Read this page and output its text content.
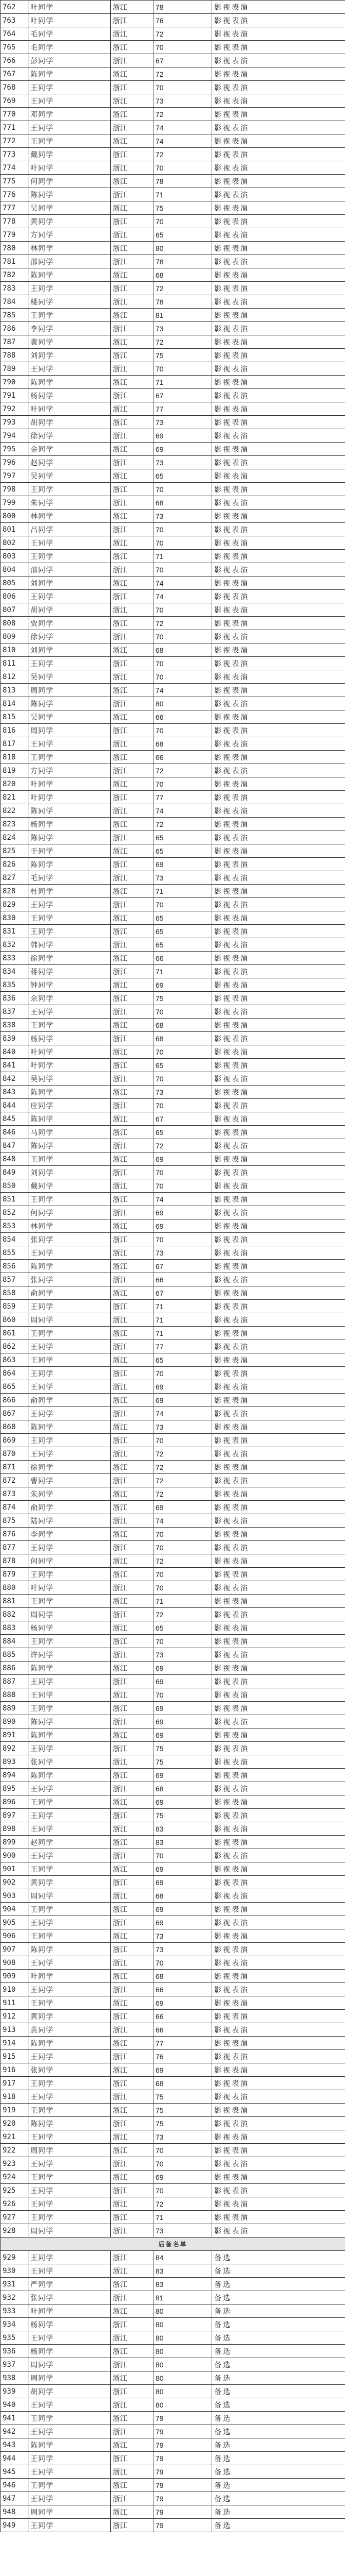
762	叶同学	浙江	78	影视表演
763	叶同学	浙江	76	影视表演
764	毛同学	浙江	72	影视表演
765	毛同学	浙江	70	影视表演
766	彭同学	浙江	67	影视表演
767	陈同学	浙江	72	影视表演
768	王同学	浙江	70	影视表演
769	王同学	浙江	73	影视表演
770	邓同学	浙江	72	影视表演
771	王同学	浙江	74	影视表演
772	王同学	浙江	74	影视表演
773	戴同学	浙江	72	影视表演
774	叶同学	浙江	70	影视表演
775	何同学	浙江	78	影视表演
776	陈同学	浙江	71	影视表演
777	吴同学	浙江	75	影视表演
778	黄同学	浙江	70	影视表演
779	方同学	浙江	65	影视表演
780	林同学	浙江	80	影视表演
781	邵同学	浙江	78	影视表演
782	陈同学	浙江	68	影视表演
783	王同学	浙江	72	影视表演
784	楼同学	浙江	78	影视表演
785	王同学	浙江	81	影视表演
786	李同学	浙江	73	影视表演
787	黄同学	浙江	72	影视表演
788	刘同学	浙江	75	影视表演
789	王同学	浙江	70	影视表演
790	陈同学	浙江	71	影视表演
791	杨同学	浙江	67	影视表演
792	叶同学	浙江	77	影视表演
793	胡同学	浙江	73	影视表演
794	徐同学	浙江	69	影视表演
795	金同学	浙江	69	影视表演
796	赵同学	浙江	73	影视表演
797	吴同学	浙江	65	影视表演
798	王同学	浙江	70	影视表演
799	朱同学	浙江	68	影视表演
800	林同学	浙江	73	影视表演
801	吕同学	浙江	70	影视表演
802	王同学	浙江	70	影视表演
803	王同学	浙江	71	影视表演
804	邵同学	浙江	70	影视表演
805	刘同学	浙江	74	影视表演
806	王同学	浙江	74	影视表演
807	胡同学	浙江	70	影视表演
808	贾同学	浙江	72	影视表演
809	徐同学	浙江	70	影视表演
810	刘同学	浙江	68	影视表演
811	王同学	浙江	70	影视表演
812	吴同学	浙江	70	影视表演
813	周同学	浙江	74	影视表演
814	陈同学	浙江	80	影视表演
815	吴同学	浙江	66	影视表演
816	周同学	浙江	70	影视表演
817	王同学	浙江	68	影视表演
818	王同学	浙江	66	影视表演
819	方同学	浙江	72	影视表演
820	叶同学	浙江	70	影视表演
821	叶同学	浙江	77	影视表演
822	陈同学	浙江	74	影视表演
823	杨同学	浙江	72	影视表演
824	陈同学	浙江	65	影视表演
825	于同学	浙江	65	影视表演
826	陈同学	浙江	69	影视表演
827	毛同学	浙江	73	影视表演
828	杜同学	浙江	71	影视表演
829	王同学	浙江	70	影视表演
830	王同学	浙江	65	影视表演
831	王同学	浙江	65	影视表演
832	韩同学	浙江	65	影视表演
833	徐同学	浙江	66	影视表演
834	蒋同学	浙江	71	影视表演
835	钟同学	浙江	69	影视表演
836	余同学	浙江	75	影视表演
837	王同学	浙江	70	影视表演
838	王同学	浙江	68	影视表演
839	杨同学	浙江	68	影视表演
840	叶同学	浙江	70	影视表演
841	叶同学	浙江	65	影视表演
842	吴同学	浙江	70	影视表演
843	陈同学	浙江	73	影视表演
844	应同学	浙江	70	影视表演
845	陈同学	浙江	67	影视表演
846	马同学	浙江	65	影视表演
847	陈同学	浙江	72	影视表演
848	王同学	浙江	69	影视表演
849	刘同学	浙江	70	影视表演
850	戴同学	浙江	70	影视表演
851	王同学	浙江	74	影视表演
852	何同学	浙江	69	影视表演
853	林同学	浙江	69	影视表演
854	张同学	浙江	70	影视表演
855	王同学	浙江	73	影视表演
856	陈同学	浙江	67	影视表演
857	张同学	浙江	66	影视表演
858	俞同学	浙江	67	影视表演
859	王同学	浙江	71	影视表演
860	周同学	浙江	71	影视表演
861	王同学	浙江	71	影视表演
862	王同学	浙江	77	影视表演
863	王同学	浙江	65	影视表演
864	王同学	浙江	70	影视表演
865	王同学	浙江	69	影视表演
866	俞同学	浙江	69	影视表演
867	王同学	浙江	74	影视表演
868	陈同学	浙江	73	影视表演
869	王同学	浙江	70	影视表演
870	王同学	浙江	72	影视表演
871	徐同学	浙江	72	影视表演
872	曹同学	浙江	72	影视表演
873	朱同学	浙江	72	影视表演
874	俞同学	浙江	69	影视表演
875	陆同学	浙江	74	影视表演
876	李同学	浙江	70	影视表演
877	王同学	浙江	70	影视表演
878	何同学	浙江	72	影视表演
879	王同学	浙江	70	影视表演
880	叶同学	浙江	70	影视表演
881	王同学	浙江	71	影视表演
882	周同学	浙江	72	影视表演
883	杨同学	浙江	65	影视表演
884	王同学	浙江	70	影视表演
885	许同学	浙江	73	影视表演
886	陈同学	浙江	69	影视表演
887	王同学	浙江	69	影视表演
888	王同学	浙江	70	影视表演
889	王同学	浙江	69	影视表演
890	陈同学	浙江	69	影视表演
891	陈同学	浙江	69	影视表演
892	王同学	浙江	75	影视表演
893	张同学	浙江	75	影视表演
894	陈同学	浙江	69	影视表演
895	王同学	浙江	68	影视表演
896	王同学	浙江	69	影视表演
897	王同学	浙江	75	影视表演
898	王同学	浙江	83	影视表演
899	赵同学	浙江	83	影视表演
900	王同学	浙江	70	影视表演
901	王同学	浙江	69	影视表演
902	黄同学	浙江	69	影视表演
903	周同学	浙江	68	影视表演
904	王同学	浙江	69	影视表演
905	王同学	浙江	69	影视表演
906	王同学	浙江	73	影视表演
907	陈同学	浙江	73	影视表演
908	王同学	浙江	70	影视表演
909	叶同学	浙江	68	影视表演
910	王同学	浙江	66	影视表演
911	王同学	浙江	69	影视表演
912	黄同学	浙江	66	影视表演
913	黄同学	浙江	66	影视表演
914	陈同学	浙江	77	影视表演
915	王同学	浙江	76	影视表演
916	张同学	浙江	69	影视表演
917	王同学	浙江	68	影视表演
918	王同学	浙江	75	影视表演
919	王同学	浙江	75	影视表演
920	陈同学	浙江	75	影视表演
921	王同学	浙江	73	影视表演
922	周同学	浙江	70	影视表演
923	王同学	浙江	70	影视表演
924	王同学	浙江	69	影视表演
925	王同学	浙江	70	影视表演
926	王同学	浙江	72	影视表演
927	王同学	浙江	71	影视表演
928	周同学	浙江	73	影视表演
后备名单				
929	王同学	浙江	84	备选
930	王同学	浙江	83	备选
931	严同学	浙江	83	备选
932	张同学	浙江	81	备选
933	叶同学	浙江	80	备选
934	杨同学	浙江	80	备选
935	王同学	浙江	80	备选
936	杨同学	浙江	80	备选
937	周同学	浙江	80	备选
938	周同学	浙江	80	备选
939	胡同学	浙江	80	备选
940	王同学	浙江	80	备选
941	王同学	浙江	79	备选
942	王同学	浙江	79	备选
943	陈同学	浙江	79	备选
944	王同学	浙江	79	备选
945	王同学	浙江	79	备选
946	王同学	浙江	79	备选
947	王同学	浙江	79	备选
948	周同学	浙江	79	备选
949	王同学	浙江	79	备选
